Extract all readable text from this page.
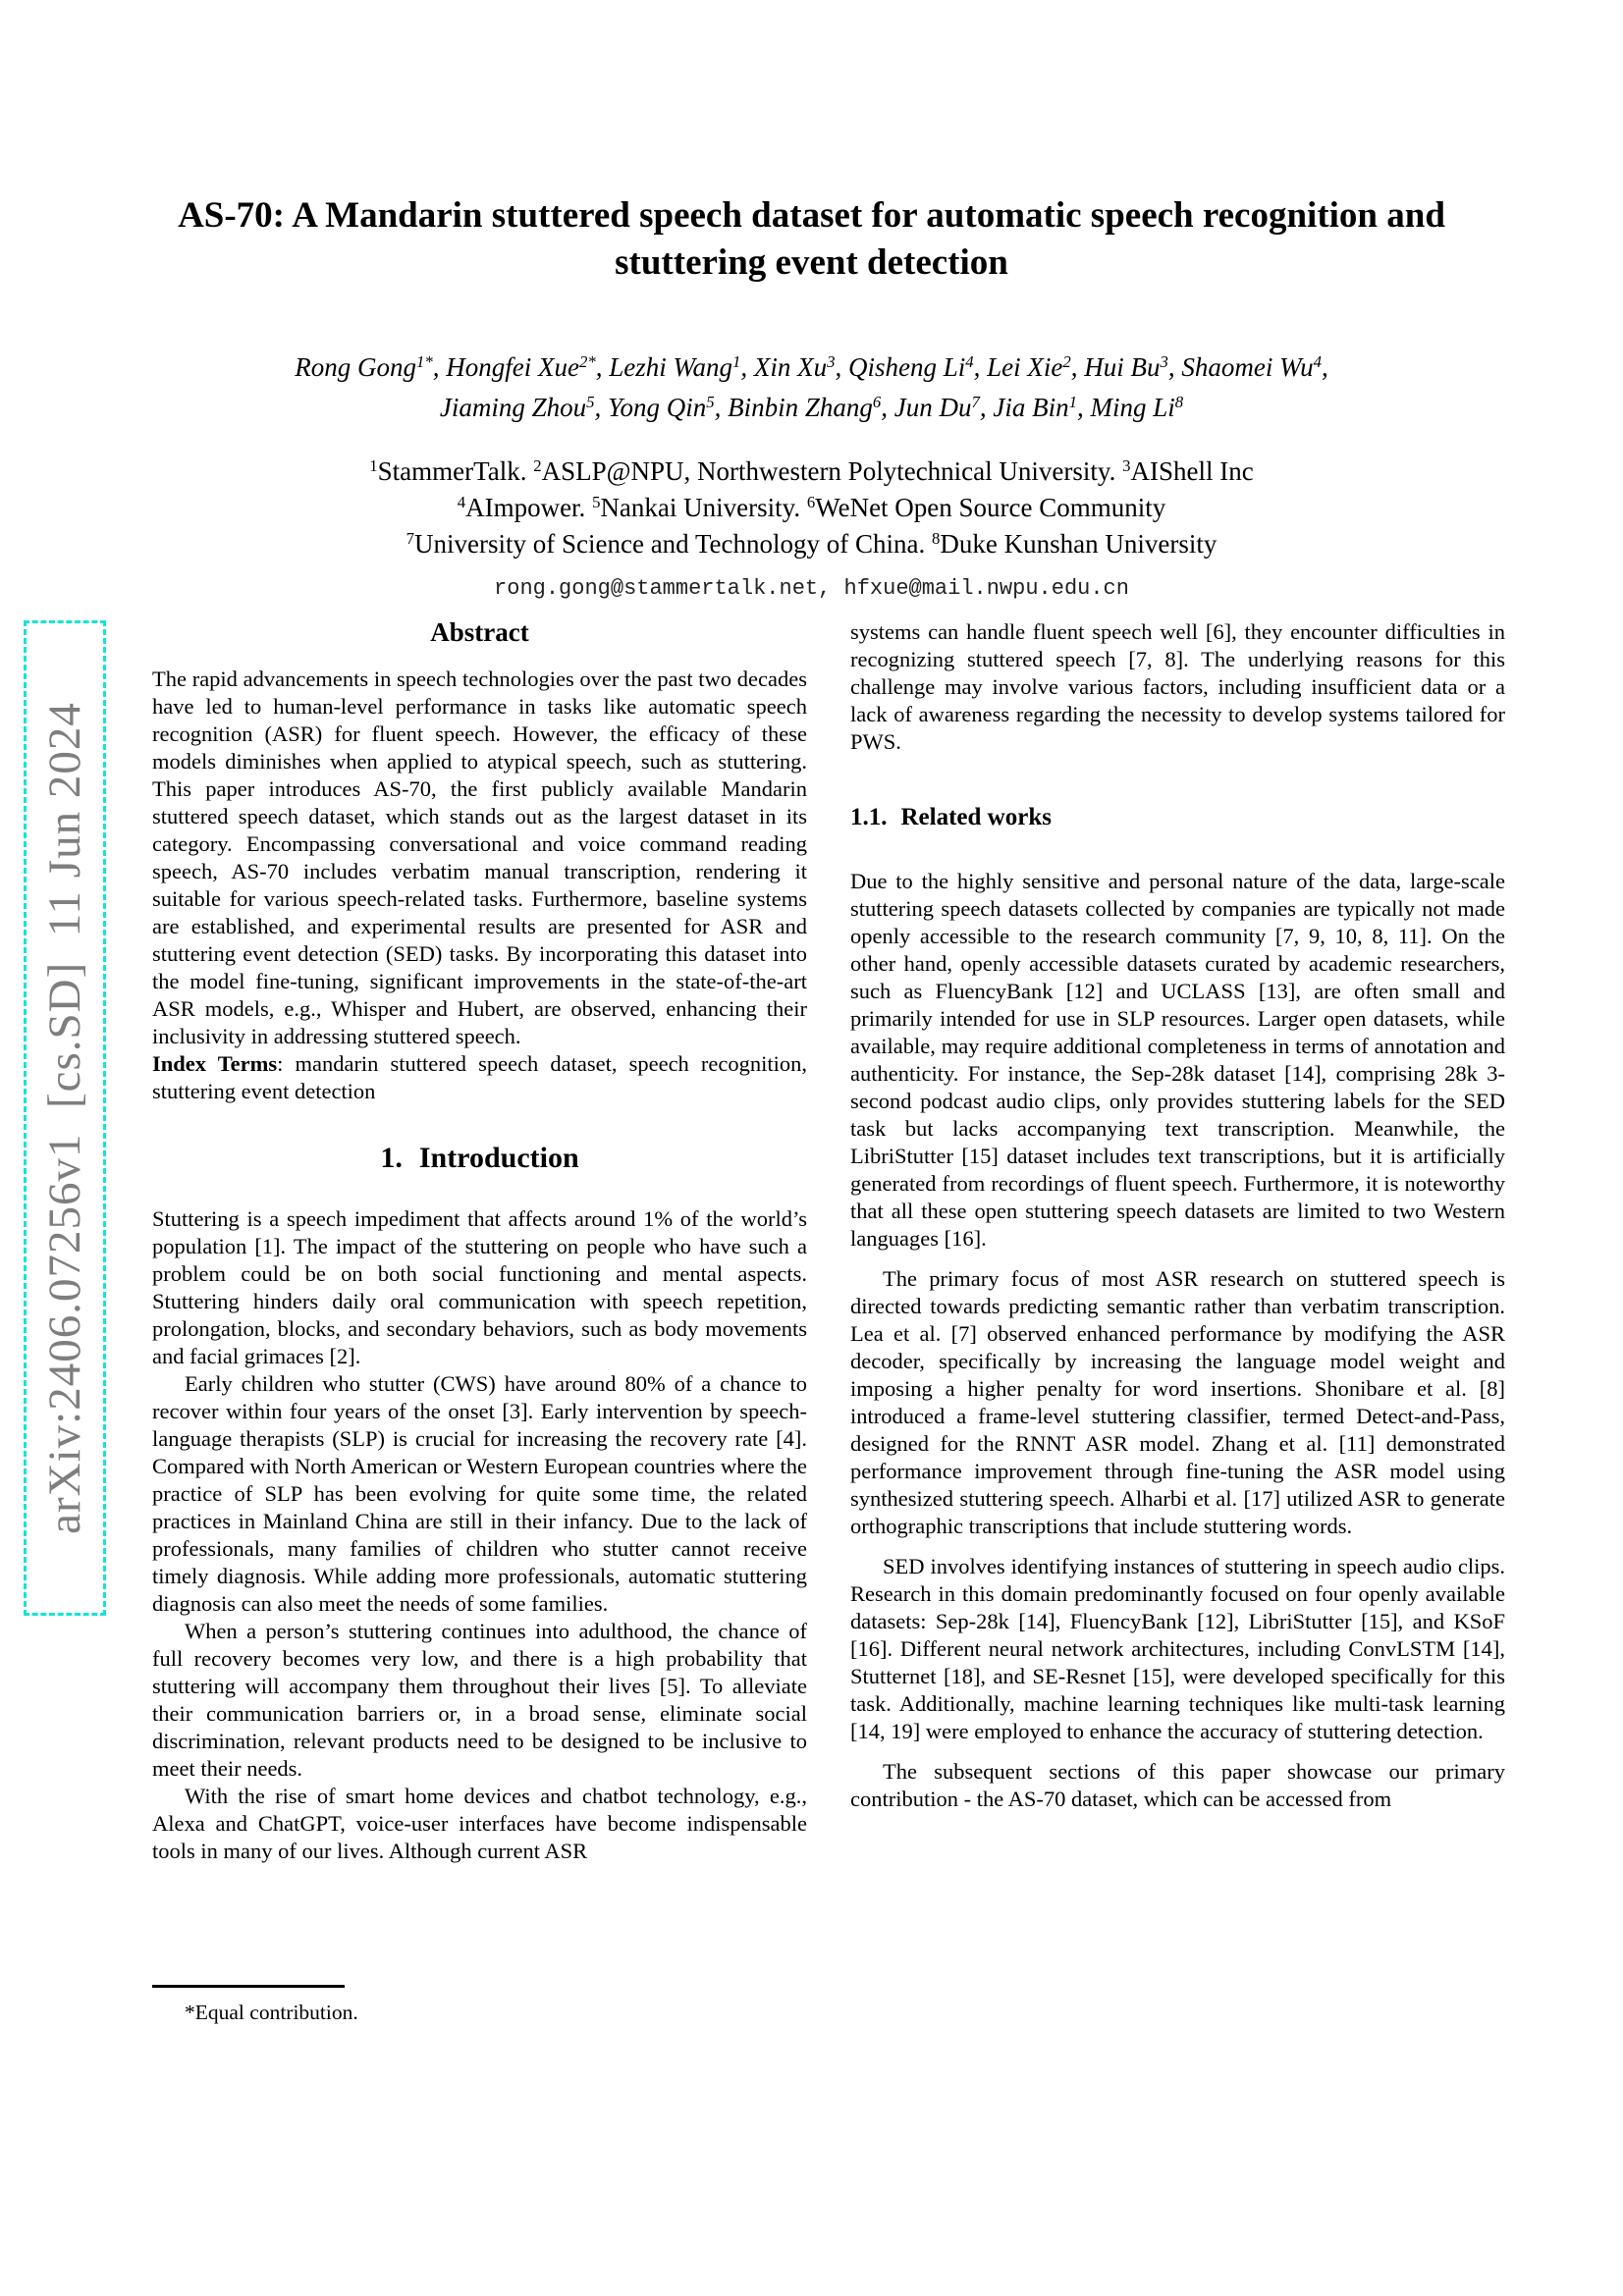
arXiv:2406.07256v1  [cs.SD]  11 Jun 2024
AS-70: A Mandarin stuttered speech dataset for automatic speech recognition and stuttering event detection
Rong Gong$^{1*}$, Hongfei Xue$^{2*}$, Lezhi Wang$^1$, Xin Xu$^3$, Qisheng Li$^4$, Lei Xie$^2$, Hui Bu$^3$, Shaomei Wu$^4$,
Jiaming Zhou$^5$, Yong Qin$^5$, Binbin Zhang$^6$, Jun Du$^7$, Jia Bin$^1$, Ming Li$^8$
$^1$StammerTalk. $^2$ASLP@NPU, Northwestern Polytechnical University. $^3$AIShell Inc
$^4$AImpower. $^5$Nankai University. $^6$WeNet Open Source Community
$^7$University of Science and Technology of China. $^8$Duke Kunshan University
rong.gong@stammertalk.net, hfxue@mail.nwpu.edu.cn
Abstract

The rapid advancements in speech technologies over the past two decades have led to human-level performance in tasks like automatic speech recognition (ASR) for fluent speech. However, the efficacy of these models diminishes when applied to atypical speech, such as stuttering. This paper introduces AS-70, the first publicly available Mandarin stuttered speech dataset, which stands out as the largest dataset in its category. Encompassing conversational and voice command reading speech, AS-70 includes verbatim manual transcription, rendering it suitable for various speech-related tasks. Furthermore, baseline systems are established, and experimental results are presented for ASR and stuttering event detection (SED) tasks. By incorporating this dataset into the model fine-tuning, significant improvements in the state-of-the-art ASR models, e.g., Whisper and Hubert, are observed, enhancing their inclusivity in addressing stuttered speech.

Index Terms: mandarin stuttered speech dataset, speech recognition, stuttering event detection

1. Introduction

Stuttering is a speech impediment that affects around 1% of the world’s population [1]. The impact of the stuttering on people who have such a problem could be on both social functioning and mental aspects. Stuttering hinders daily oral communication with speech repetition, prolongation, blocks, and secondary behaviors, such as body movements and facial grimaces [2].

Early children who stutter (CWS) have around 80% of a chance to recover within four years of the onset [3]. Early intervention by speech-language therapists (SLP) is crucial for increasing the recovery rate [4]. Compared with North American or Western European countries where the practice of SLP has been evolving for quite some time, the related practices in Mainland China are still in their infancy. Due to the lack of professionals, many families of children who stutter cannot receive timely diagnosis. While adding more professionals, automatic stuttering diagnosis can also meet the needs of some families.

When a person’s stuttering continues into adulthood, the chance of full recovery becomes very low, and there is a high probability that stuttering will accompany them throughout their lives [5]. To alleviate their communication barriers or, in a broad sense, eliminate social discrimination, relevant products need to be designed to be inclusive to meet their needs.

With the rise of smart home devices and chatbot technology, e.g., Alexa and ChatGPT, voice-user interfaces have become indispensable tools in many of our lives. Although current ASR

systems can handle fluent speech well [6], they encounter difficulties in recognizing stuttered speech [7, 8]. The underlying reasons for this challenge may involve various factors, including insufficient data or a lack of awareness regarding the necessity to develop systems tailored for PWS.

1.1. Related works

Due to the highly sensitive and personal nature of the data, large-scale stuttering speech datasets collected by companies are typically not made openly accessible to the research community [7, 9, 10, 8, 11]. On the other hand, openly accessible datasets curated by academic researchers, such as FluencyBank [12] and UCLASS [13], are often small and primarily intended for use in SLP resources. Larger open datasets, while available, may require additional completeness in terms of annotation and authenticity. For instance, the Sep-28k dataset [14], comprising 28k 3-second podcast audio clips, only provides stuttering labels for the SED task but lacks accompanying text transcription. Meanwhile, the LibriStutter [15] dataset includes text transcriptions, but it is artificially generated from recordings of fluent speech. Furthermore, it is noteworthy that all these open stuttering speech datasets are limited to two Western languages [16].

The primary focus of most ASR research on stuttered speech is directed towards predicting semantic rather than verbatim transcription. Lea et al. [7] observed enhanced performance by modifying the ASR decoder, specifically by increasing the language model weight and imposing a higher penalty for word insertions. Shonibare et al. [8] introduced a frame-level stuttering classifier, termed Detect-and-Pass, designed for the RNNT ASR model. Zhang et al. [11] demonstrated performance improvement through fine-tuning the ASR model using synthesized stuttering speech. Alharbi et al. [17] utilized ASR to generate orthographic transcriptions that include stuttering words.

SED involves identifying instances of stuttering in speech audio clips. Research in this domain predominantly focused on four openly available datasets: Sep-28k [14], FluencyBank [12], LibriStutter [15], and KSoF [16]. Different neural network architectures, including ConvLSTM [14], Stutternet [18], and SE-Resnet [15], were developed specifically for this task. Additionally, machine learning techniques like multi-task learning [14, 19] were employed to enhance the accuracy of stuttering detection.

The subsequent sections of this paper showcase our primary contribution - the AS-70 dataset, which can be accessed from

*Equal contribution.
